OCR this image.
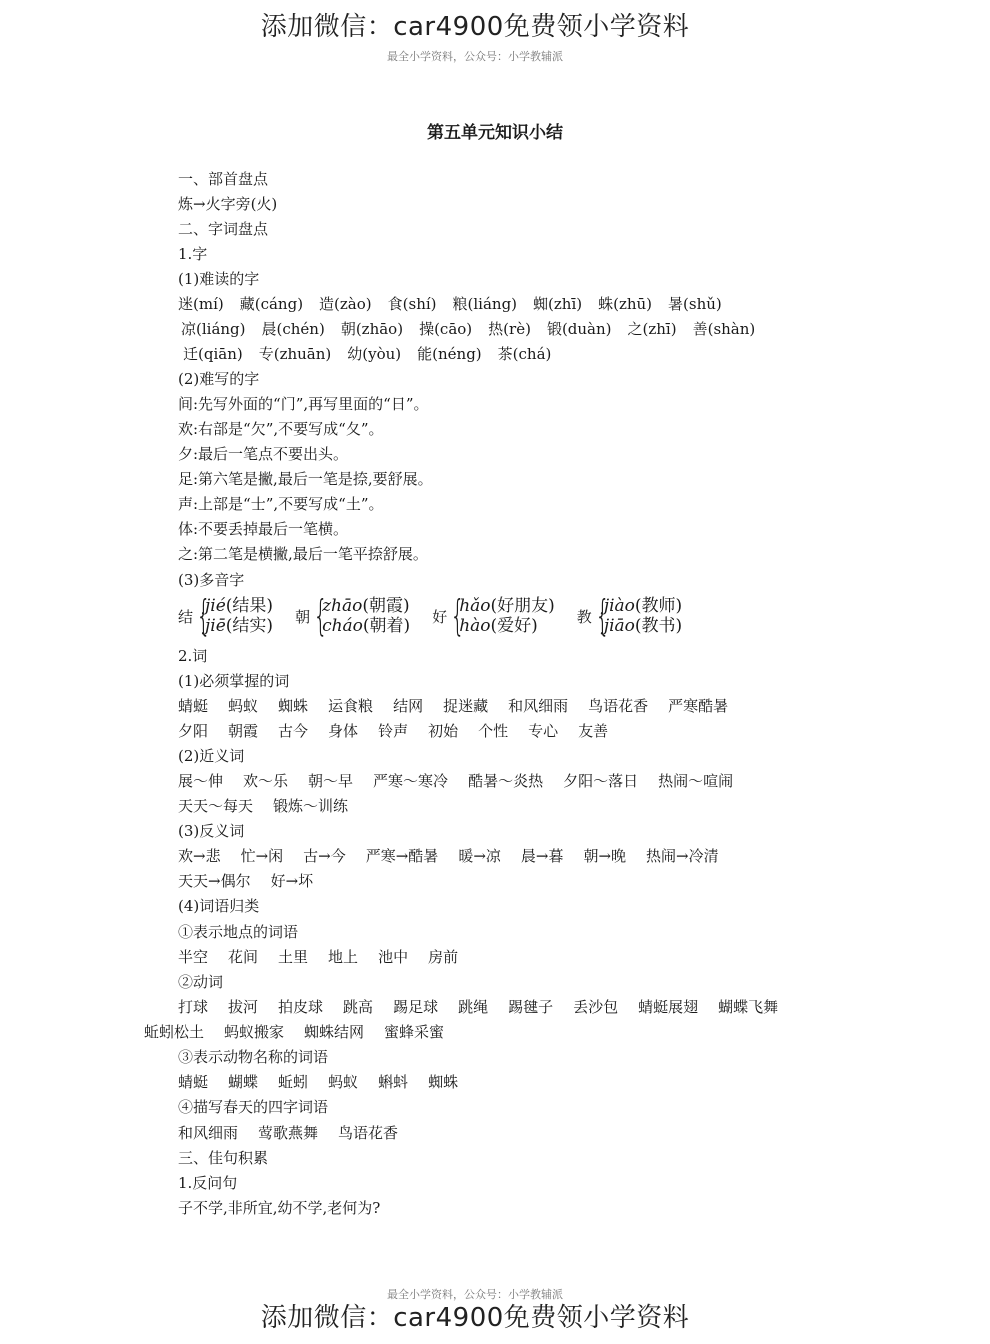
添加微信：car4900免费领小学资料
最全小学资料，公众号：小学教辅派
第五单元知识小结
一、部首盘点
炼→火字旁(火)
二、字词盘点
1.字
(1)难读的字
迷(mí) 藏(cáng) 造(zào) 食(shí) 粮(liáng) 蜘(zhī) 蛛(zhū) 暑(shǔ)
凉(liáng) 晨(chén) 朝(zhāo) 操(cāo) 热(rè) 锻(duàn) 之(zhī) 善(shàn)
迁(qiān) 专(zhuān) 幼(yòu) 能(néng) 茶(chá)
(2)难写的字
间:先写外面的“门”,再写里面的“日”。
欢:右部是“欠”,不要写成“夂”。
夕:最后一笔点不要出头。
足:第六笔是撇,最后一笔是捺,要舒展。
声:上部是“士”,不要写成“土”。
体:不要丢掉最后一笔横。
之:第二笔是横撇,最后一笔平捺舒展。
(3)多音字
结 {
jié(结果)
jiē(结实) 朝 {
zhāo(朝霞)
cháo(朝着) 好 {
hǎo(好朋友)
hào(爱好)	教 {
jiào(教师)
jiāo(教书)
2.词
(1)必须掌握的词
蜻蜓 蚂蚁 蜘蛛 运食粮 结网 捉迷藏 和风细雨 鸟语花香 严寒酷暑
夕阳 朝霞 古今 身体 铃声 初始 个性 专心 友善
(2)近义词
展～伸 欢～乐 朝～早 严寒～寒冷 酷暑～炎热 夕阳～落日 热闹～喧闹
天天～每天 锻炼～训练
(3)反义词
欢→悲 忙→闲 古→今 严寒→酷暑 暖→凉 晨→暮 朝→晚 热闹→冷清
天天→偶尔 好→坏
(4)词语归类
①表示地点的词语
半空 花间 土里 地上 池中 房前
②动词
打球 拔河 拍皮球 跳高 踢足球 跳绳 踢毽子 丢沙包 蜻蜓展翅 蝴蝶飞舞
蚯蚓松土 蚂蚁搬家 蜘蛛结网 蜜蜂采蜜
③表示动物名称的词语
蜻蜓 蝴蝶 蚯蚓 蚂蚁 蝌蚪 蜘蛛
④描写春天的四字词语
和风细雨 莺歌燕舞 鸟语花香
三、佳句积累
1.反问句
子不学,非所宜,幼不学,老何为?
最全小学资料，公众号：小学教辅派
添加微信：car4900免费领小学资料
